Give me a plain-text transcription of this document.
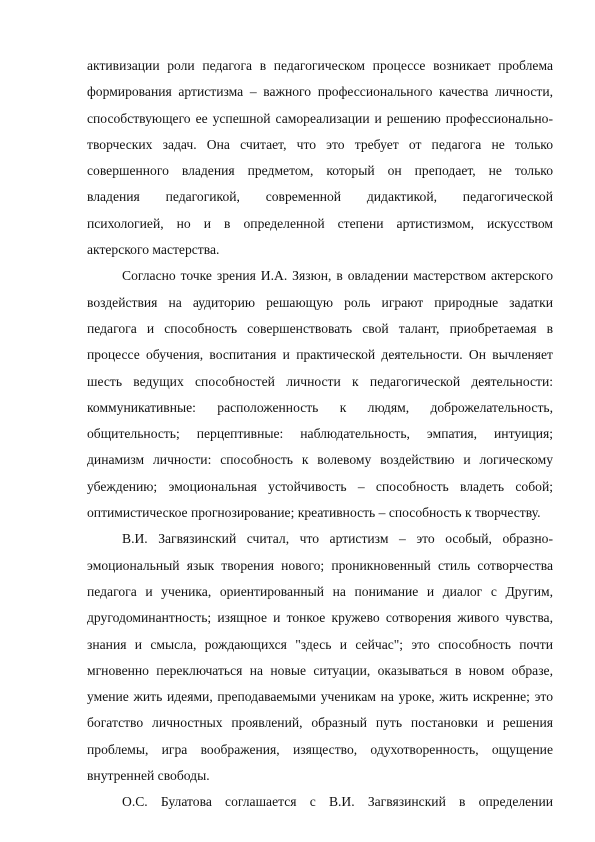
активизации роли педагога в педагогическом процессе возникает проблема
формирования артистизма – важного профессионального качества личности,
способствующего ее успешной самореализации и решению профессионально-
творческих задач. Она считает, что это требует от педагога не только
совершенного владения предметом, который он преподает, не только
владения педагогикой, современной дидактикой, педагогической
психологией, но и в определенной степени артистизмом, искусством
актерского мастерства.
Согласно точке зрения И.А. Зязюн, в овладении мастерством актерского
воздействия на аудиторию решающую роль играют природные задатки
педагога и способность совершенствовать свой талант, приобретаемая в
процессе обучения, воспитания и практической деятельности. Он вычленяет
шесть ведущих способностей личности к педагогической деятельности:
коммуникативные: расположенность к людям, доброжелательность,
общительность; перцептивные: наблюдательность, эмпатия, интуиция;
динамизм личности: способность к волевому воздействию и логическому
убеждению; эмоциональная устойчивость – способность владеть собой;
оптимистическое прогнозирование; креативность – способность к творчеству.
В.И. Загвязинский считал, что артистизм – это особый, образно-
эмоциональный язык творения нового; проникновенный стиль сотворчества
педагога и ученика, ориентированный на понимание и диалог с Другим,
другодоминантность; изящное и тонкое кружево сотворения живого чувства,
знания и смысла, рождающихся "здесь и сейчас"; это способность почти
мгновенно переключаться на новые ситуации, оказываться в новом образе,
умение жить идеями, преподаваемыми ученикам на уроке, жить искренне; это
богатство личностных проявлений, образный путь постановки и решения
проблемы, игра воображения, изящество, одухотворенность, ощущение
внутренней свободы.
О.С. Булатова соглашается с В.И. Загвязинский в определении
